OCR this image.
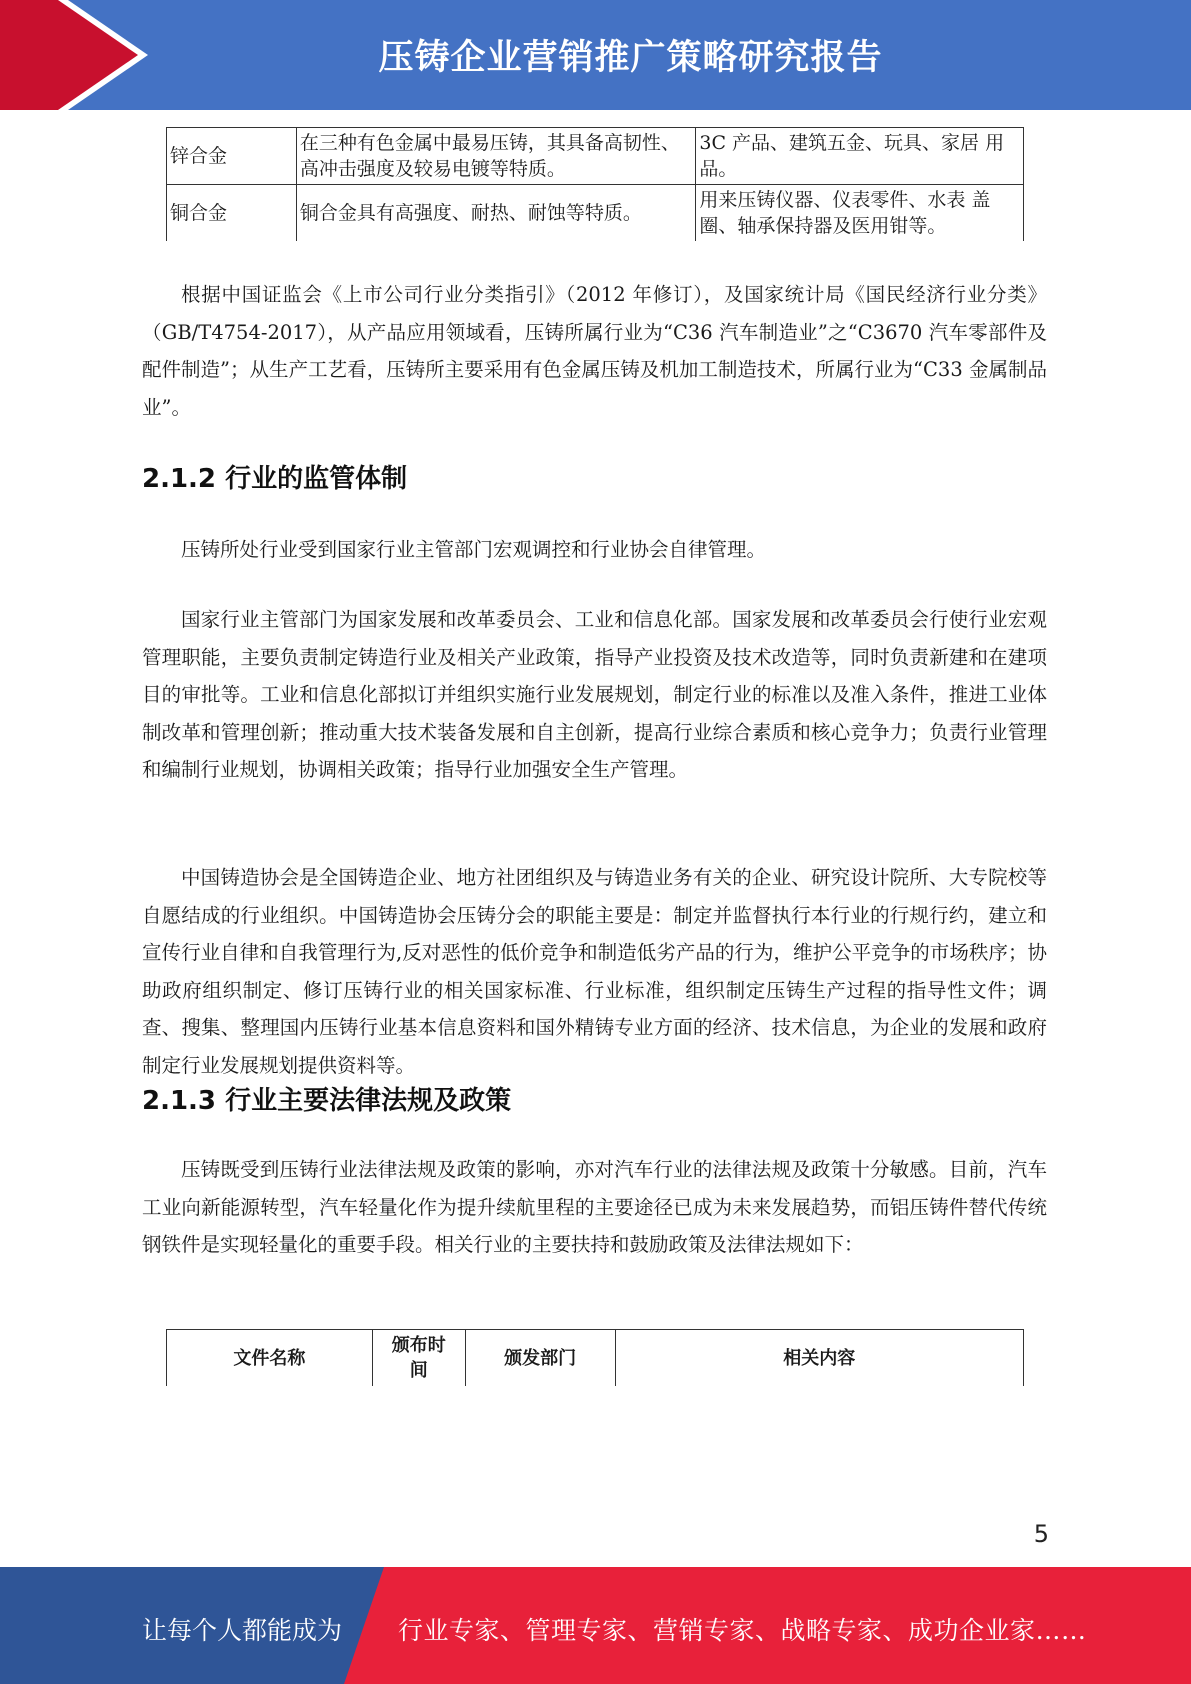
压铸企业营销推广策略研究报告
锌合金	在三种有色金属中最易压铸，其具备高韧性、高冲击强度及较易电镀等特质。	3C 产品、建筑五金、玩具、家居 用品。
铜合金	铜合金具有高强度、耐热、耐蚀等特质。	用来压铸仪器、仪表零件、水表 盖圈、轴承保持器及医用钳等。

根据中国证监会《上市公司行业分类指引》（2012 年修订），及国家统计局《国民经济行业分类》（GB/T4754-2017），从产品应用领域看，压铸所属行业为“C36 汽车制造业”之“C3670 汽车零部件及配件制造”；从生产工艺看，压铸所主要采用有色金属压铸及机加工制造技术，所属行业为“C33 金属制品业”。

2.1.2 行业的监管体制

压铸所处行业受到国家行业主管部门宏观调控和行业协会自律管理。

国家行业主管部门为国家发展和改革委员会、工业和信息化部。国家发展和改革委员会行使行业宏观管理职能，主要负责制定铸造行业及相关产业政策，指导产业投资及技术改造等，同时负责新建和在建项目的审批等。工业和信息化部拟订并组织实施行业发展规划，制定行业的标准以及准入条件，推进工业体制改革和管理创新；推动重大技术装备发展和自主创新，提高行业综合素质和核心竞争力；负责行业管理和编制行业规划，协调相关政策；指导行业加强安全生产管理。

中国铸造协会是全国铸造企业、地方社团组织及与铸造业务有关的企业、研究设计院所、大专院校等自愿结成的行业组织。中国铸造协会压铸分会的职能主要是：制定并监督执行本行业的行规行约，建立和宣传行业自律和自我管理行为,反对恶性的低价竞争和制造低劣产品的行为，维护公平竞争的市场秩序；协助政府组织制定、修订压铸行业的相关国家标准、行业标准，组织制定压铸生产过程的指导性文件；调查、搜集、整理国内压铸行业基本信息资料和国外精铸专业方面的经济、技术信息，为企业的发展和政府制定行业发展规划提供资料等。

2.1.3 行业主要法律法规及政策

压铸既受到压铸行业法律法规及政策的影响，亦对汽车行业的法律法规及政策十分敏感。目前，汽车工业向新能源转型，汽车轻量化作为提升续航里程的主要途径已成为未来发展趋势，而铝压铸件替代传统钢铁件是实现轻量化的重要手段。相关行业的主要扶持和鼓励政策及法律法规如下：

文件名称	颁布时间	颁发部门	相关内容
5
让每个人都能成为 行业专家、管理专家、营销专家、战略专家、成功企业家……
